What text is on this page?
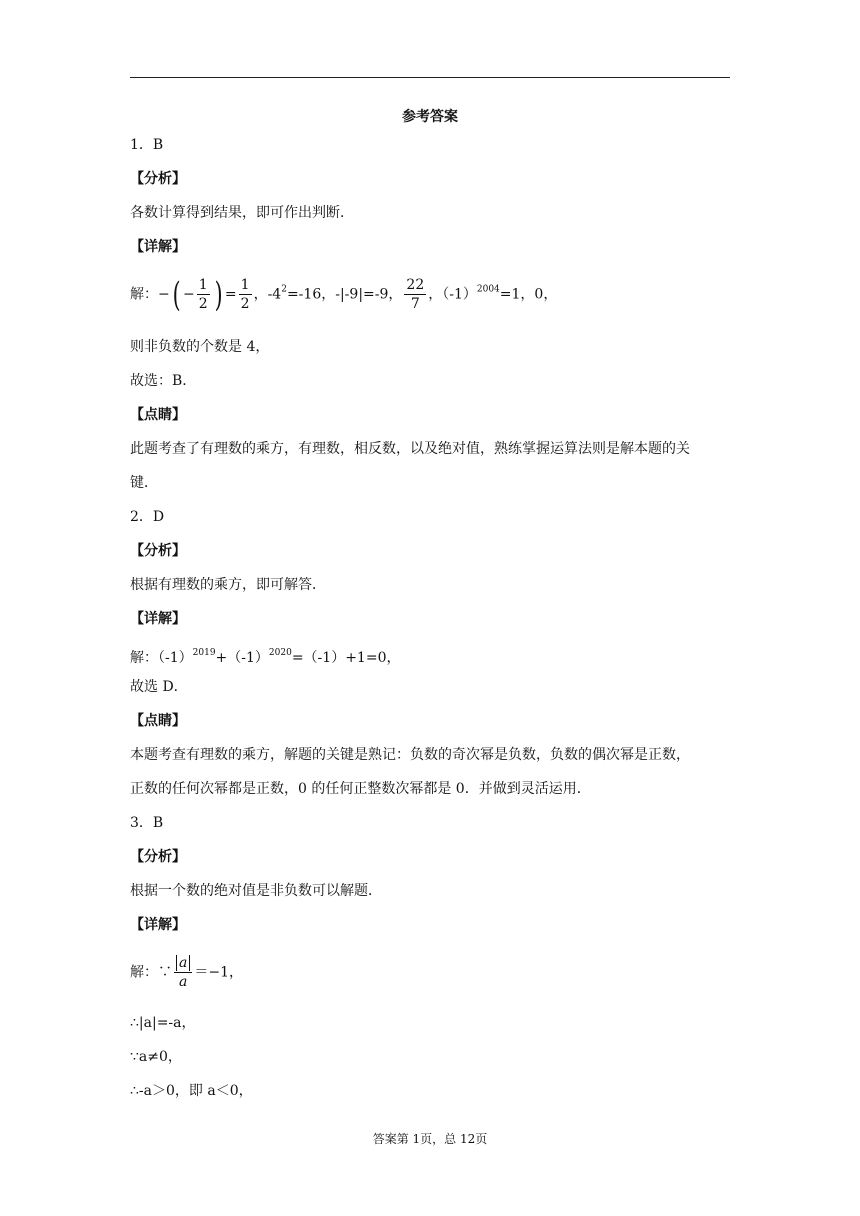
参考答案
1．B
【分析】
各数计算得到结果，即可作出判断．
【详解】
解：−( − $\frac{1}{2}$ ) = $\frac{1}{2}$ ，$-4^2=-16$，-|-9|=-9， $\frac{22}{7}$ ，$(-1)^{2004}=1$，0，
则非负数的个数是 4，
故选：B．
【点睛】
此题考查了有理数的乘方，有理数，相反数，以及绝对值，熟练掌握运算法则是解本题的关
键．
2．D
【分析】
根据有理数的乘方，即可解答．
【详解】
解：$(-1)^{2019}+(-1)^{2020}=(-1)+1=0$，
故选 D．
【点睛】
本题考查有理数的乘方，解题的关键是熟记：负数的奇次幂是负数，负数的偶次幂是正数，
正数的任何次幂都是正数，0 的任何正整数次幂都是 0．并做到灵活运用．
3．B
【分析】
根据一个数的绝对值是非负数可以解题．
【详解】
解：∵ $\frac{a}{a} =-1$，
∴|a|=-a，
∵a≠0，
∴-a＞0，即 a＜0，
答案第 1页，总 12页
